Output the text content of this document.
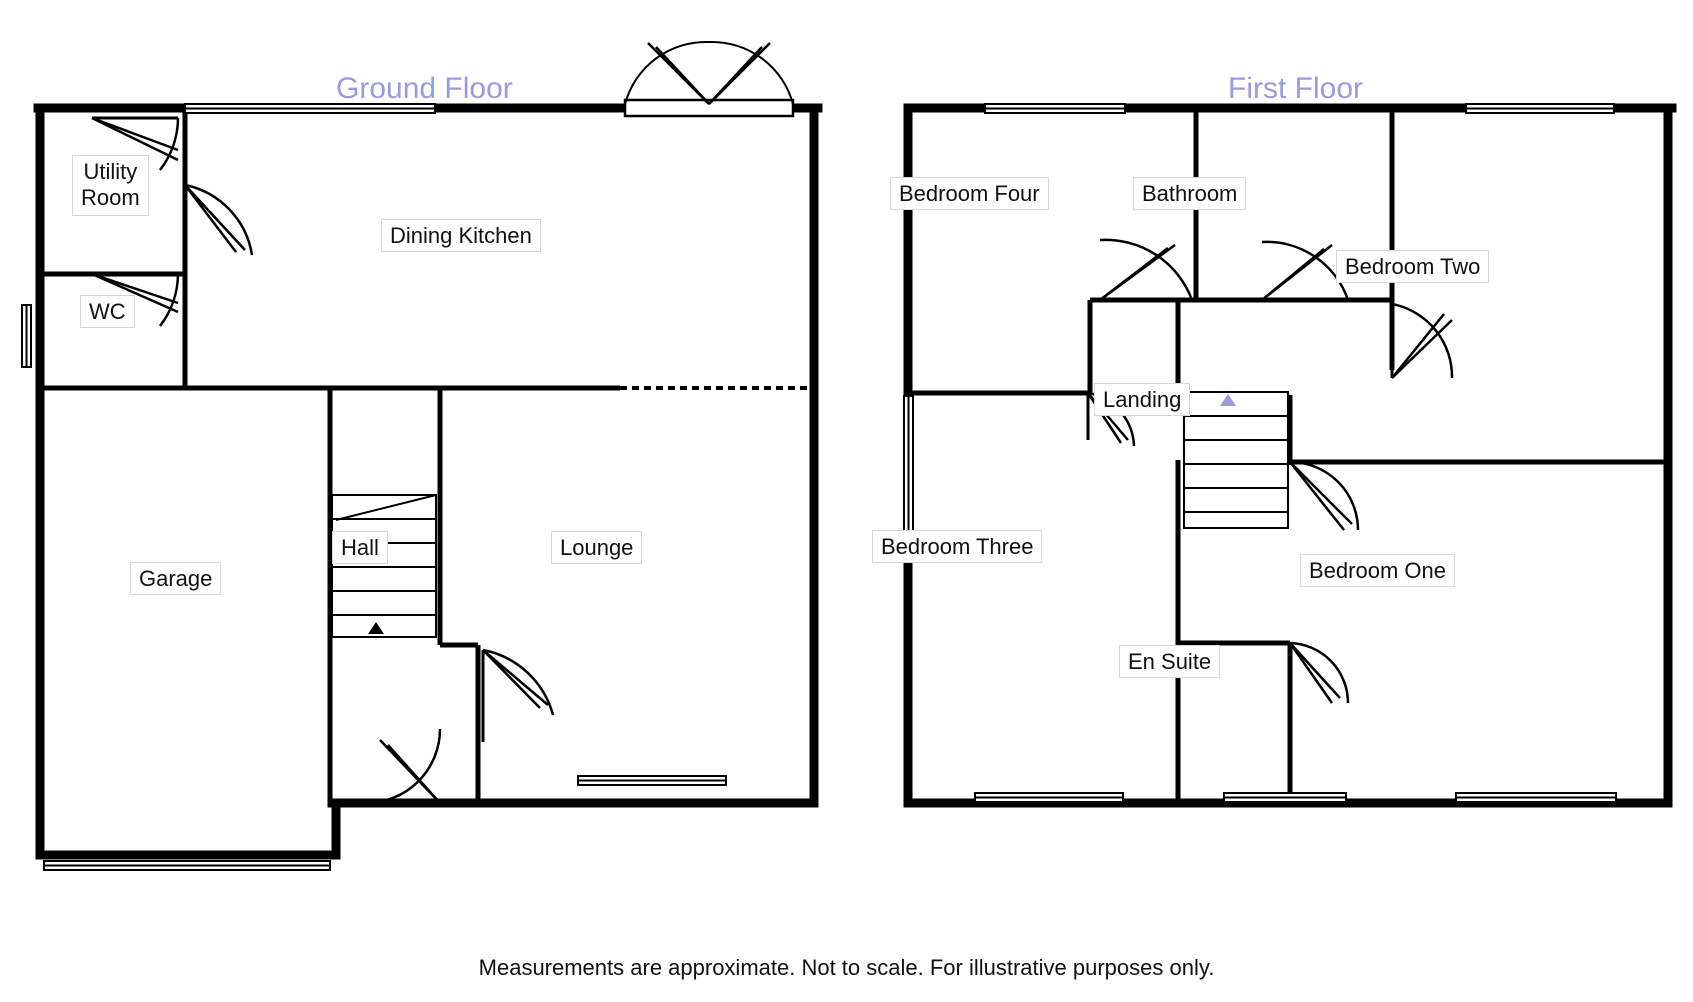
Ground Floor	First Floor
Utility
Room
WC
Dining Kitchen
Garage
Hall	Lounge
Bedroom Four	Bathroom
Bedroom Two
Landing
Bedroom Three
Bedroom One
En Suite
Measurements are approximate. Not to scale. For illustrative purposes only.
